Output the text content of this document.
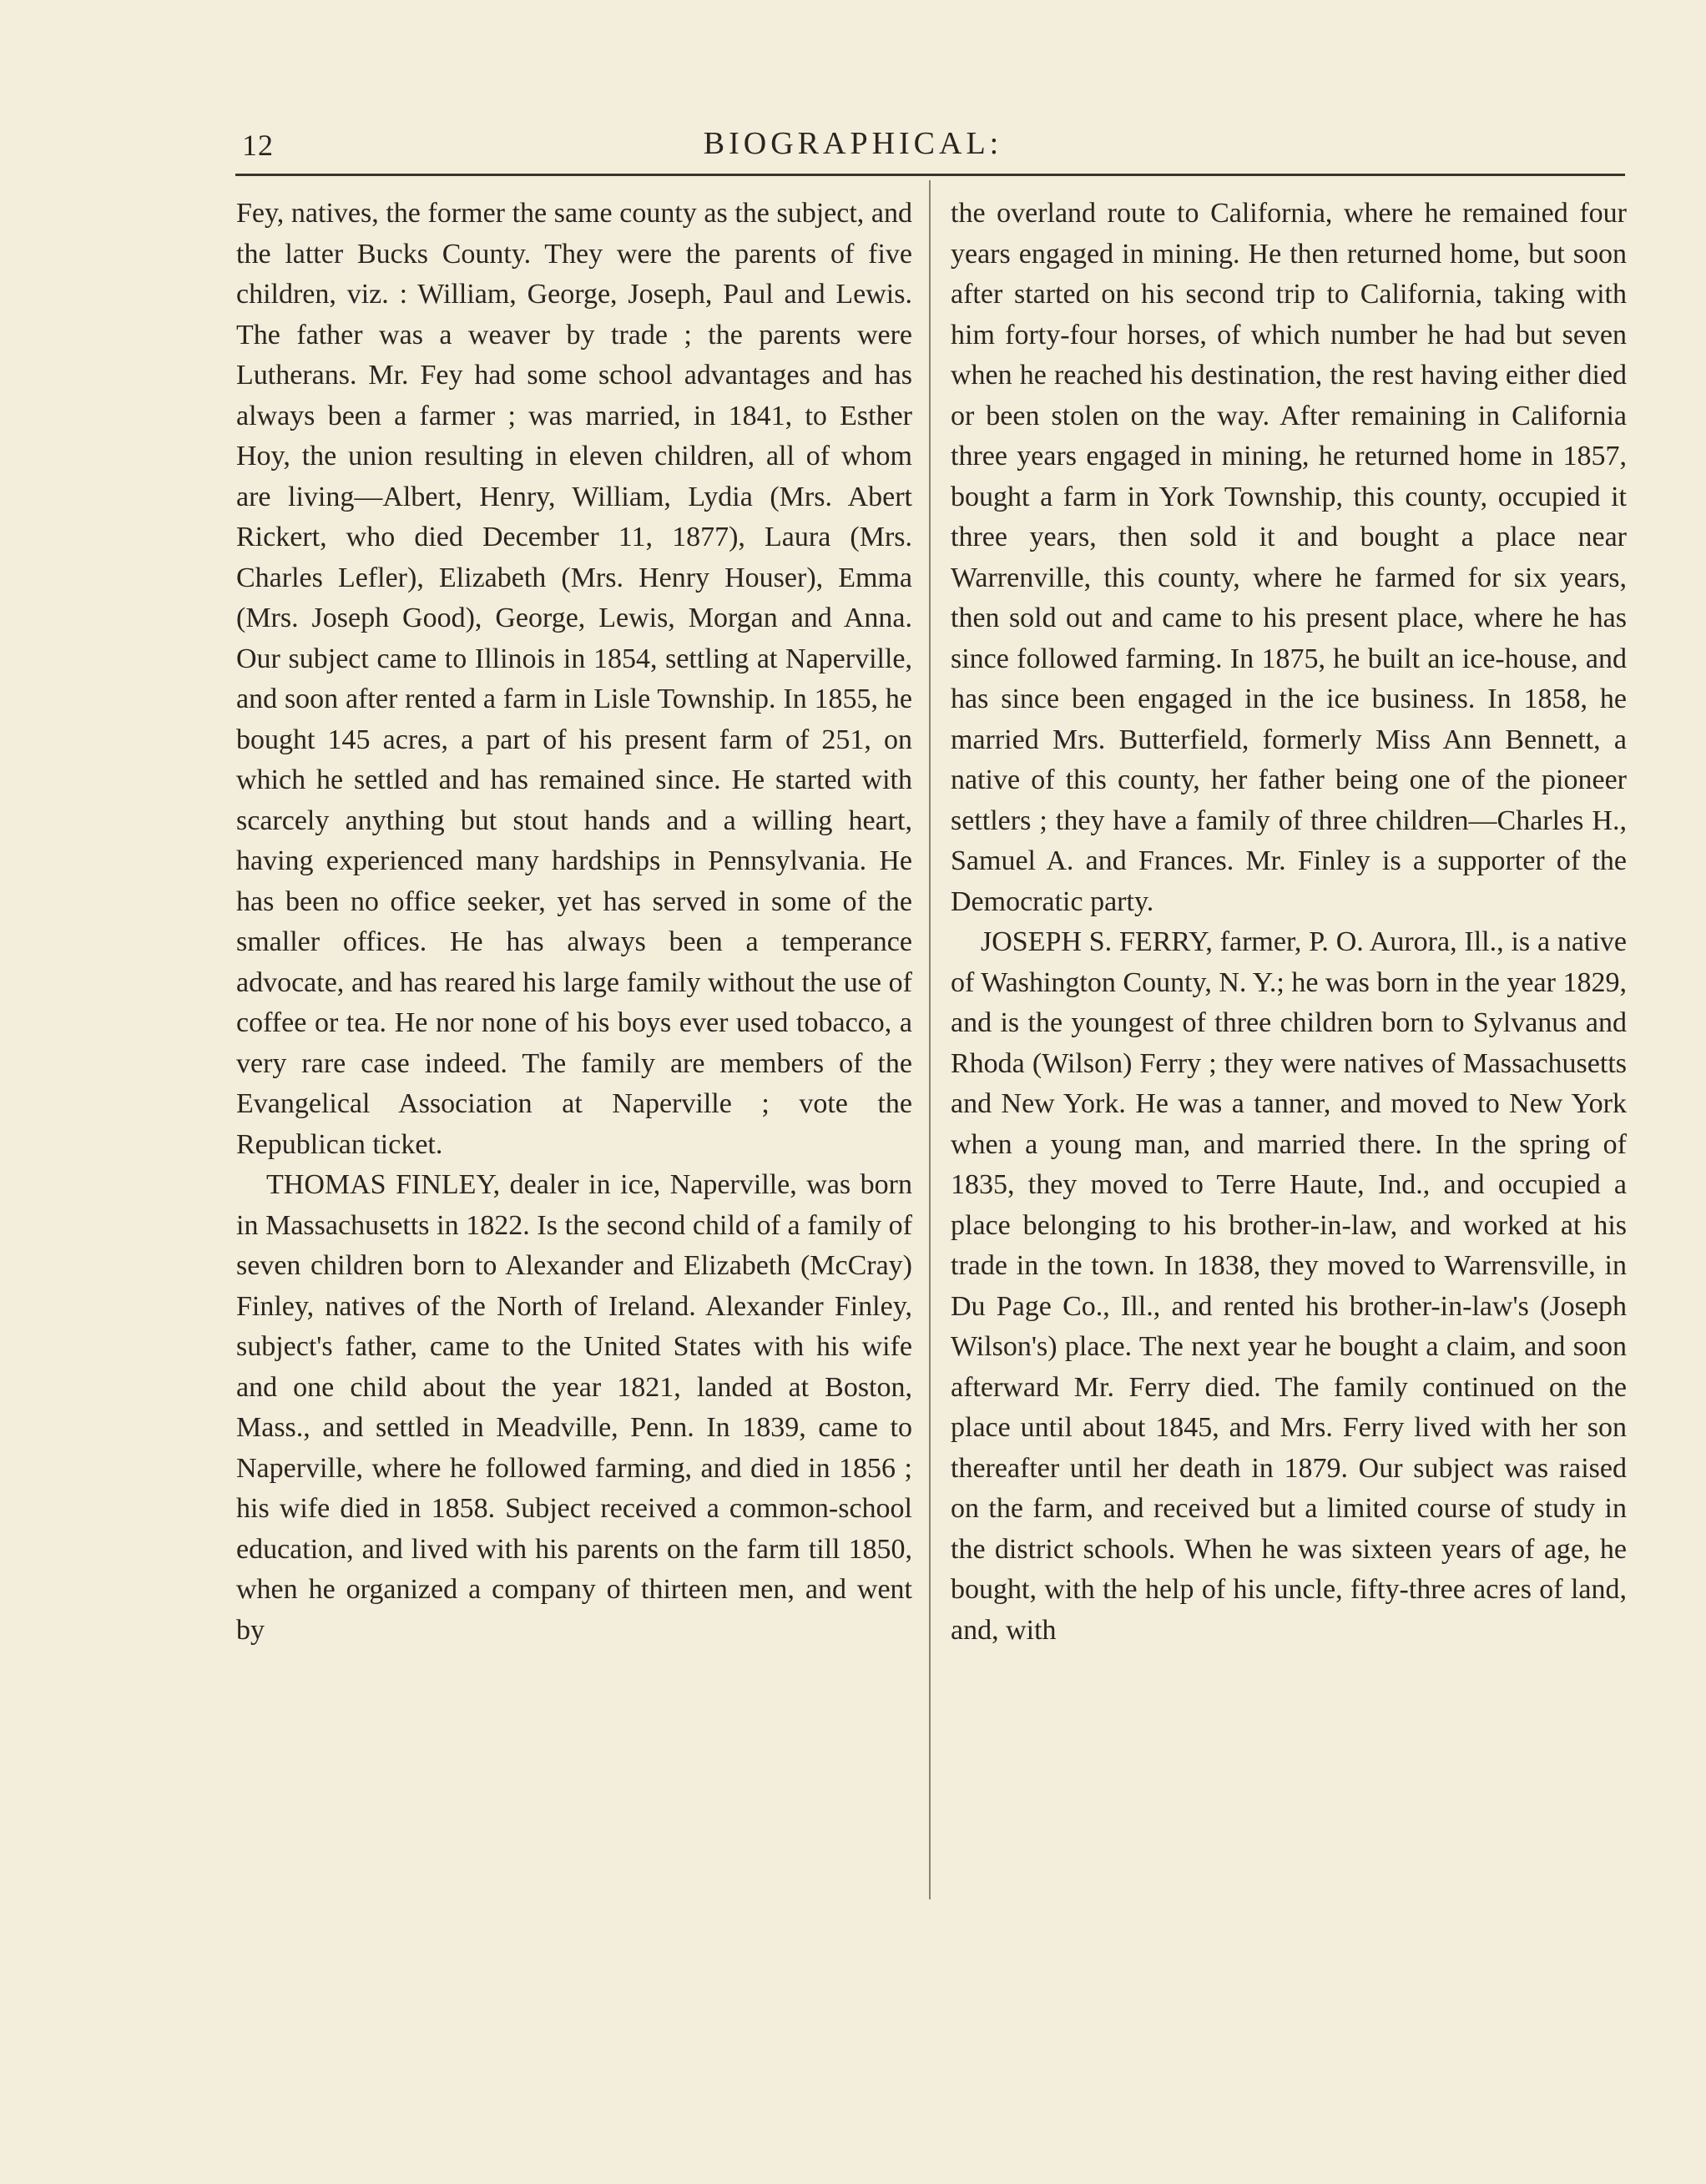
12	BIOGRAPHICAL:

Fey, natives, the former the same county as the subject, and the latter Bucks County. They were the parents of five children, viz. : William, George, Joseph, Paul and Lewis. The father was a weaver by trade ; the parents were Lutherans. Mr. Fey had some school advantages and has always been a farmer ; was married, in 1841, to Esther Hoy, the union resulting in eleven children, all of whom are living—Albert, Henry, William, Lydia (Mrs. Abert Rickert, who died December 11, 1877), Laura (Mrs. Charles Lefler), Elizabeth (Mrs. Henry Houser), Emma (Mrs. Joseph Good), George, Lewis, Morgan and Anna. Our subject came to Illinois in 1854, settling at Naperville, and soon after rented a farm in Lisle Township. In 1855, he bought 145 acres, a part of his present farm of 251, on which he settled and has remained since. He started with scarcely anything but stout hands and a willing heart, having experienced many hardships in Pennsylvania. He has been no office seeker, yet has served in some of the smaller offices. He has always been a temperance advocate, and has reared his large family without the use of coffee or tea. He nor none of his boys ever used tobacco, a very rare case indeed. The family are members of the Evangelical Association at Naperville ; vote the Republican ticket.

THOMAS FINLEY, dealer in ice, Naperville, was born in Massachusetts in 1822. Is the second child of a family of seven children born to Alexander and Elizabeth (McCray) Finley, natives of the North of Ireland. Alexander Finley, subject's father, came to the United States with his wife and one child about the year 1821, landed at Boston, Mass., and settled in Meadville, Penn. In 1839, came to Naperville, where he followed farming, and died in 1856 ; his wife died in 1858. Subject received a common-school education, and lived with his parents on the farm till 1850, when he organized a company of thirteen men, and went by

the overland route to California, where he remained four years engaged in mining. He then returned home, but soon after started on his second trip to California, taking with him forty-four horses, of which number he had but seven when he reached his destination, the rest having either died or been stolen on the way. After remaining in California three years engaged in mining, he returned home in 1857, bought a farm in York Township, this county, occupied it three years, then sold it and bought a place near Warrenville, this county, where he farmed for six years, then sold out and came to his present place, where he has since followed farming. In 1875, he built an ice-house, and has since been engaged in the ice business. In 1858, he married Mrs. Butterfield, formerly Miss Ann Bennett, a native of this county, her father being one of the pioneer settlers ; they have a family of three children—Charles H., Samuel A. and Frances. Mr. Finley is a supporter of the Democratic party.

JOSEPH S. FERRY, farmer, P. O. Aurora, Ill., is a native of Washington County, N. Y.; he was born in the year 1829, and is the youngest of three children born to Sylvanus and Rhoda (Wilson) Ferry ; they were natives of Massachusetts and New York. He was a tanner, and moved to New York when a young man, and married there. In the spring of 1835, they moved to Terre Haute, Ind., and occupied a place belonging to his brother-in-law, and worked at his trade in the town. In 1838, they moved to Warrensville, in Du Page Co., Ill., and rented his brother-in-law's (Joseph Wilson's) place. The next year he bought a claim, and soon afterward Mr. Ferry died. The family continued on the place until about 1845, and Mrs. Ferry lived with her son thereafter until her death in 1879. Our subject was raised on the farm, and received but a limited course of study in the district schools. When he was sixteen years of age, he bought, with the help of his uncle, fifty-three acres of land, and, with
